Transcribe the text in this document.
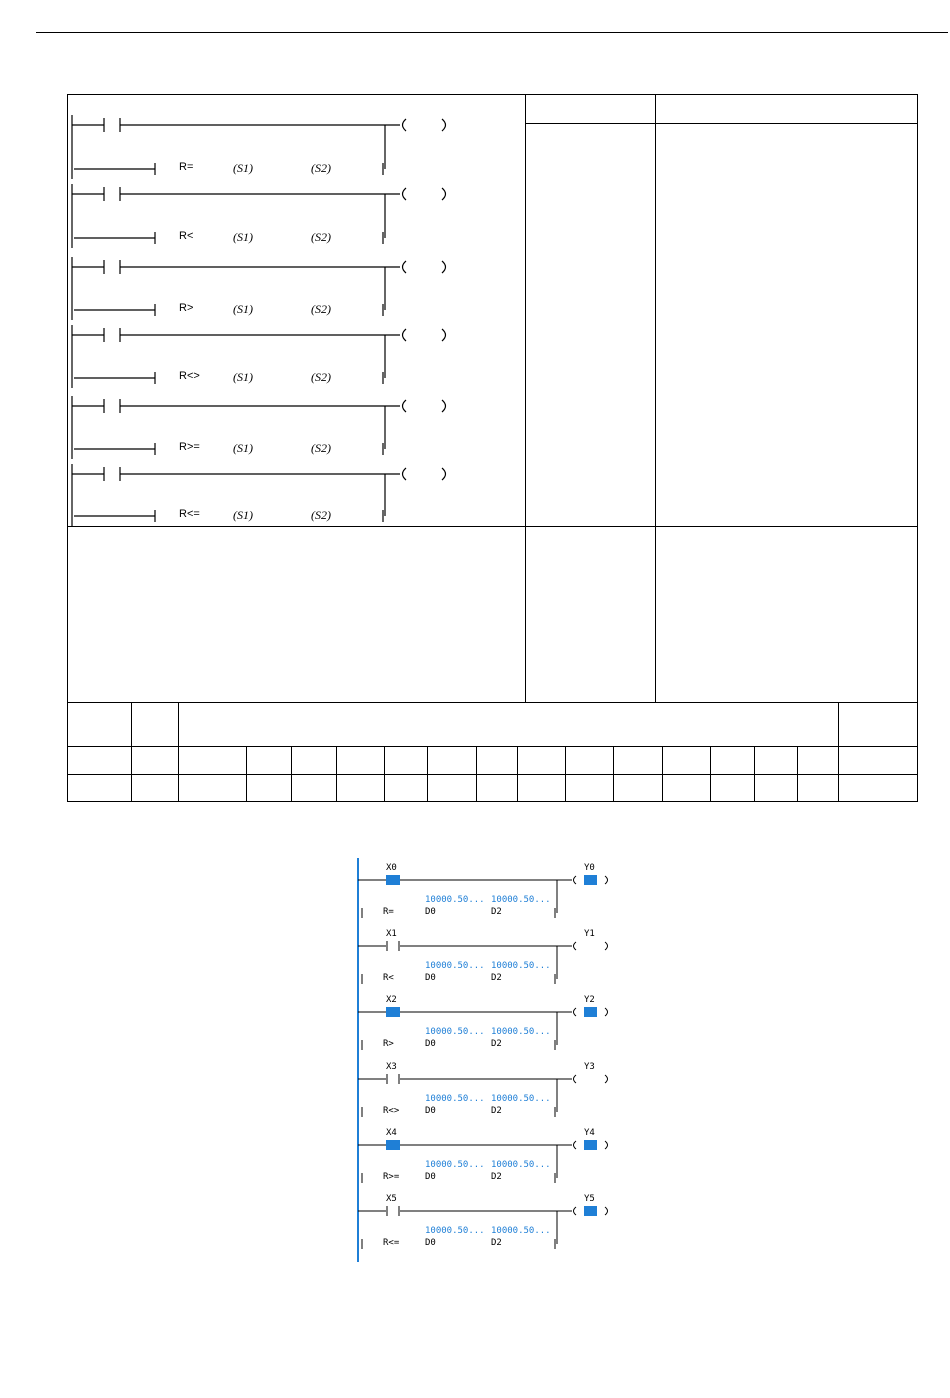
R=	(S1)	(S2)
R<	(S1)	(S2)
R>	(S1)	(S2)
R<>	(S1)	(S2)
R>=	(S1)	(S2)
R<=	(S1)	(S2)
X0	Y0
10000.50... 10000.50...
R=	D0	D2
X1	Y1
10000.50... 10000.50...
R<	D0	D2
X2	Y2
10000.50... 10000.50...
R>	D0	D2
X3	Y3
10000.50... 10000.50...
R<>	D0	D2
X4	Y4
10000.50... 10000.50...
R>=	D0	D2
X5	Y5
10000.50... 10000.50...
R<=	D0	D2
